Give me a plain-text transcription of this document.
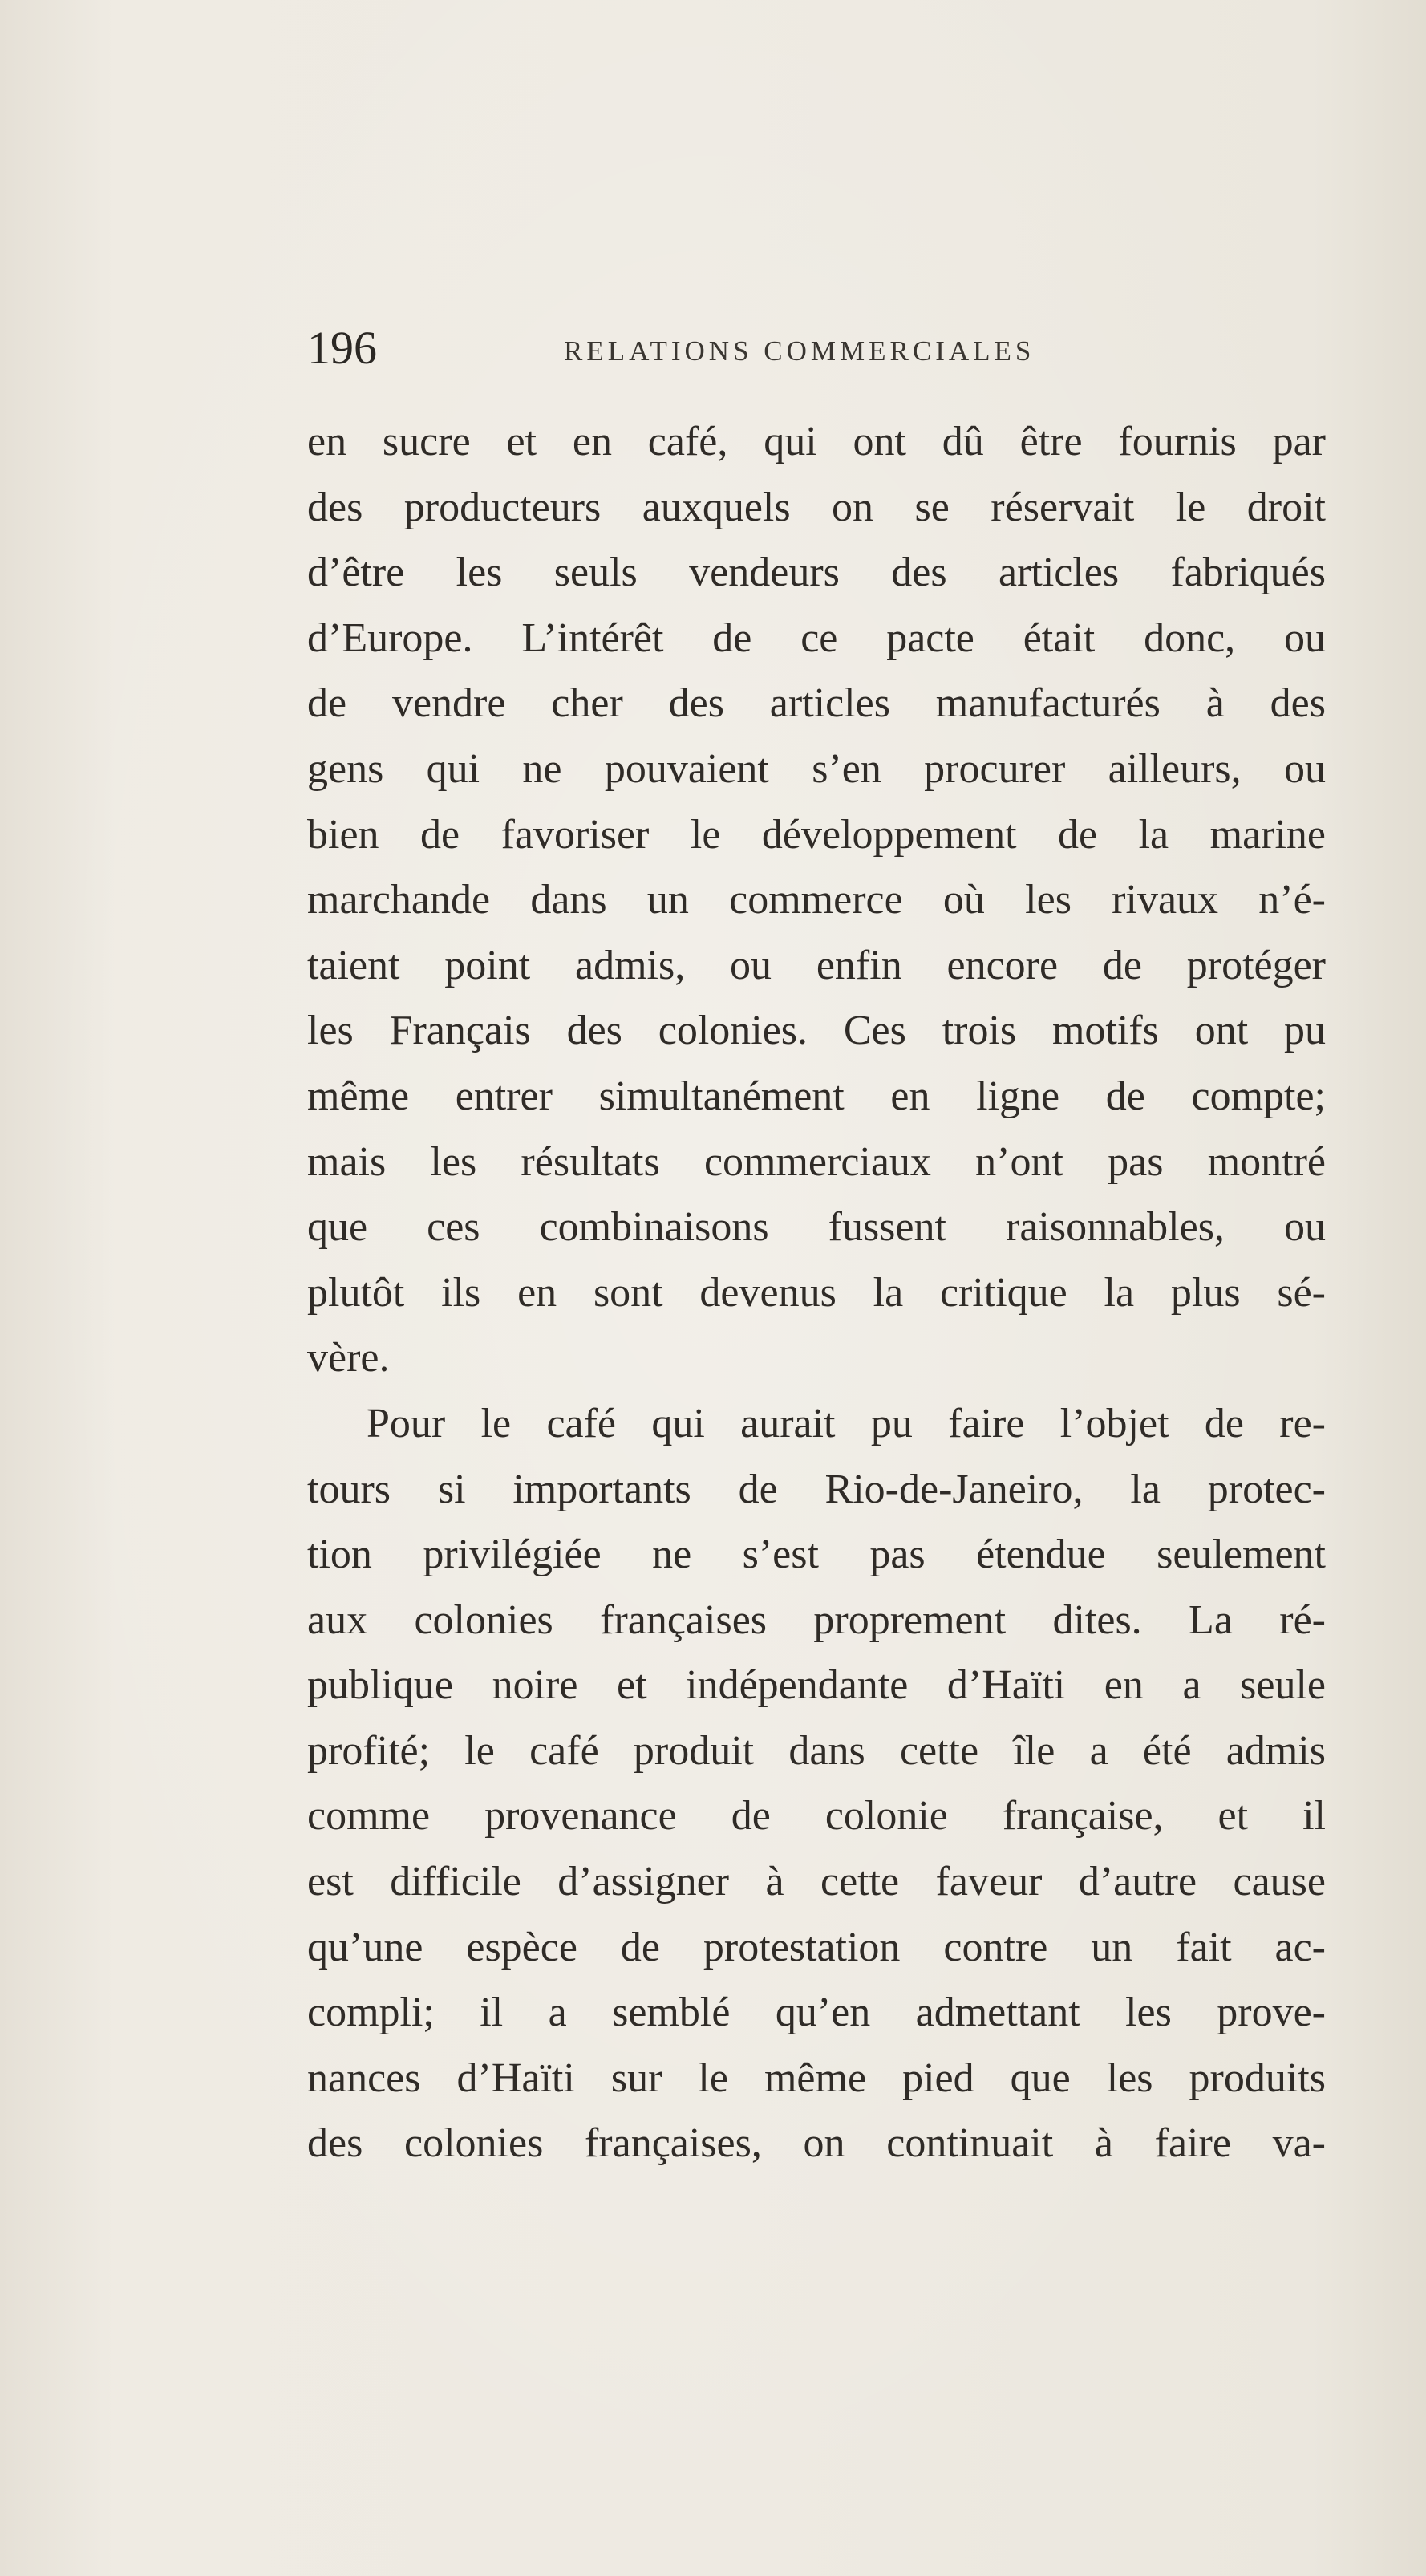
196	RELATIONS COMMERCIALES
en sucre et en café, qui ont dû être fournis par
des producteurs auxquels on se réservait le droit
d’être les seuls vendeurs des articles fabriqués
d’Europe. L’intérêt de ce pacte était donc, ou
de vendre cher des articles manufacturés à des
gens qui ne pouvaient s’en procurer ailleurs, ou
bien de favoriser le développement de la marine
marchande dans un commerce où les rivaux n’é-
taient point admis, ou enfin encore de protéger
les Français des colonies. Ces trois motifs ont pu
même entrer simultanément en ligne de compte;
mais les résultats commerciaux n’ont pas montré
que ces combinaisons fussent raisonnables, ou
plutôt ils en sont devenus la critique la plus sé-
vère.
Pour le café qui aurait pu faire l’objet de re-
tours si importants de Rio-de-Janeiro, la protec-
tion privilégiée ne s’est pas étendue seulement
aux colonies françaises proprement dites. La ré-
publique noire et indépendante d’Haïti en a seule
profité; le café produit dans cette île a été admis
comme provenance de colonie française, et il
est difficile d’assigner à cette faveur d’autre cause
qu’une espèce de protestation contre un fait ac-
compli; il a semblé qu’en admettant les prove-
nances d’Haïti sur le même pied que les produits
des colonies françaises, on continuait à faire va-
